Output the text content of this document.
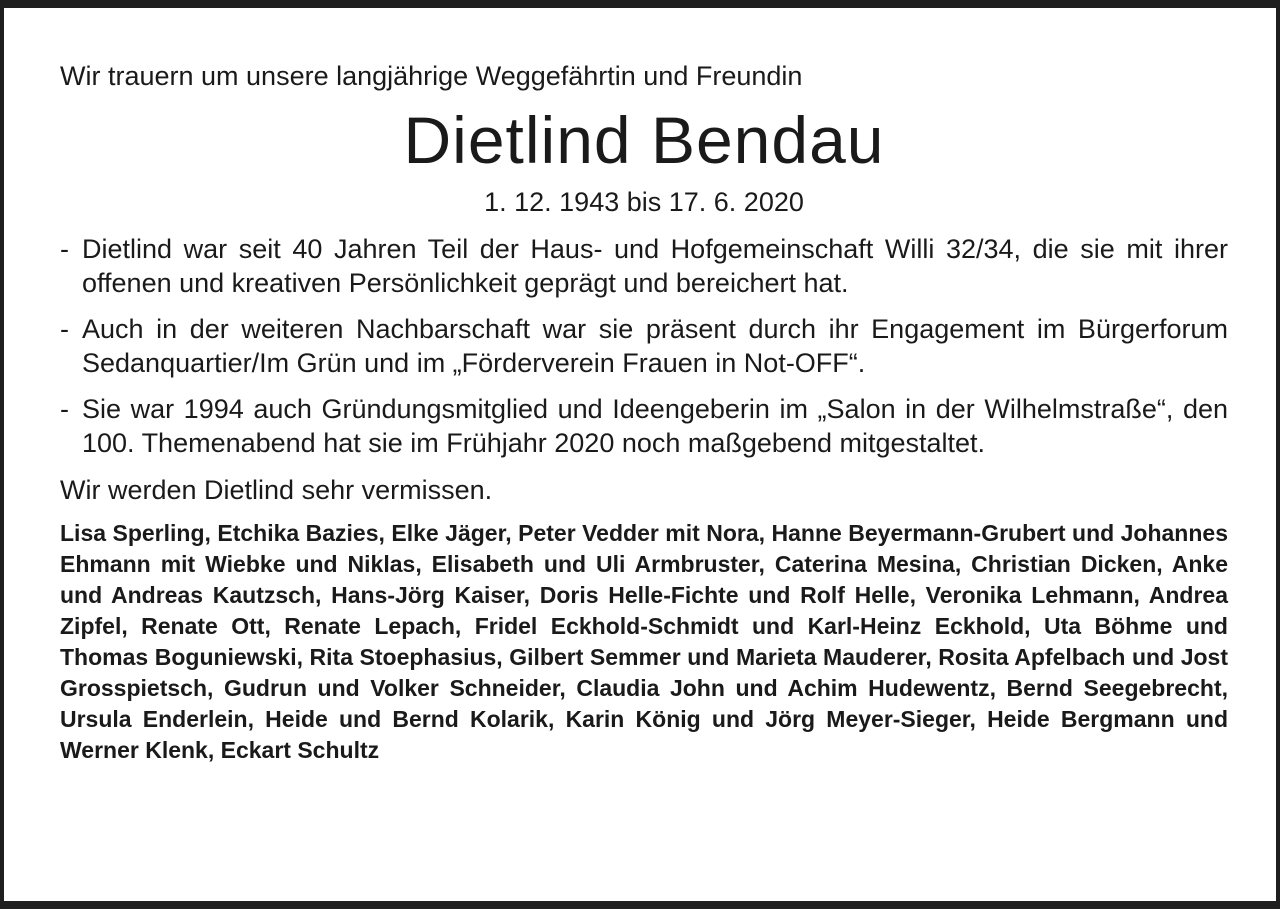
Wir trauern um unsere langjährige Weggefährtin und Freundin

Dietlind Bendau

1. 12. 1943 bis 17. 6. 2020

- Dietlind war seit 40 Jahren Teil der Haus- und Hofgemeinschaft Willi 32/34, die sie mit ihrer offenen und kreativen Persönlichkeit geprägt und bereichert hat.
- Auch in der weiteren Nachbarschaft war sie präsent durch ihr Engagement im Bürgerforum Sedanquartier/Im Grün und im „Förderverein Frauen in Not-OFF“.
- Sie war 1994 auch Gründungsmitglied und Ideengeberin im „Salon in der Wilhelmstraße“, den 100. Themenabend hat sie im Frühjahr 2020 noch maßgebend mitgestaltet.

Wir werden Dietlind sehr vermissen.

Lisa Sperling, Etchika Bazies, Elke Jäger, Peter Vedder mit Nora, Hanne Beyermann-Grubert und Johannes Ehmann mit Wiebke und Niklas, Elisabeth und Uli Armbruster, Caterina Mesina, Christian Dicken, Anke und Andreas Kautzsch, Hans-Jörg Kaiser, Doris Helle-Fichte und Rolf Helle, Veronika Lehmann, Andrea Zipfel, Renate Ott, Renate Lepach, Fridel Eckhold-Schmidt und Karl-Heinz Eckhold, Uta Böhme und Thomas Boguniewski, Rita Stoephasius, Gilbert Semmer und Marieta Mauderer, Rosita Apfelbach und Jost Grosspietsch, Gudrun und Volker Schneider, Claudia John und Achim Hudewentz, Bernd Seegebrecht, Ursula Enderlein, Heide und Bernd Kolarik, Karin König und Jörg Meyer-Sieger, Heide Bergmann und Werner Klenk, Eckart Schultz
